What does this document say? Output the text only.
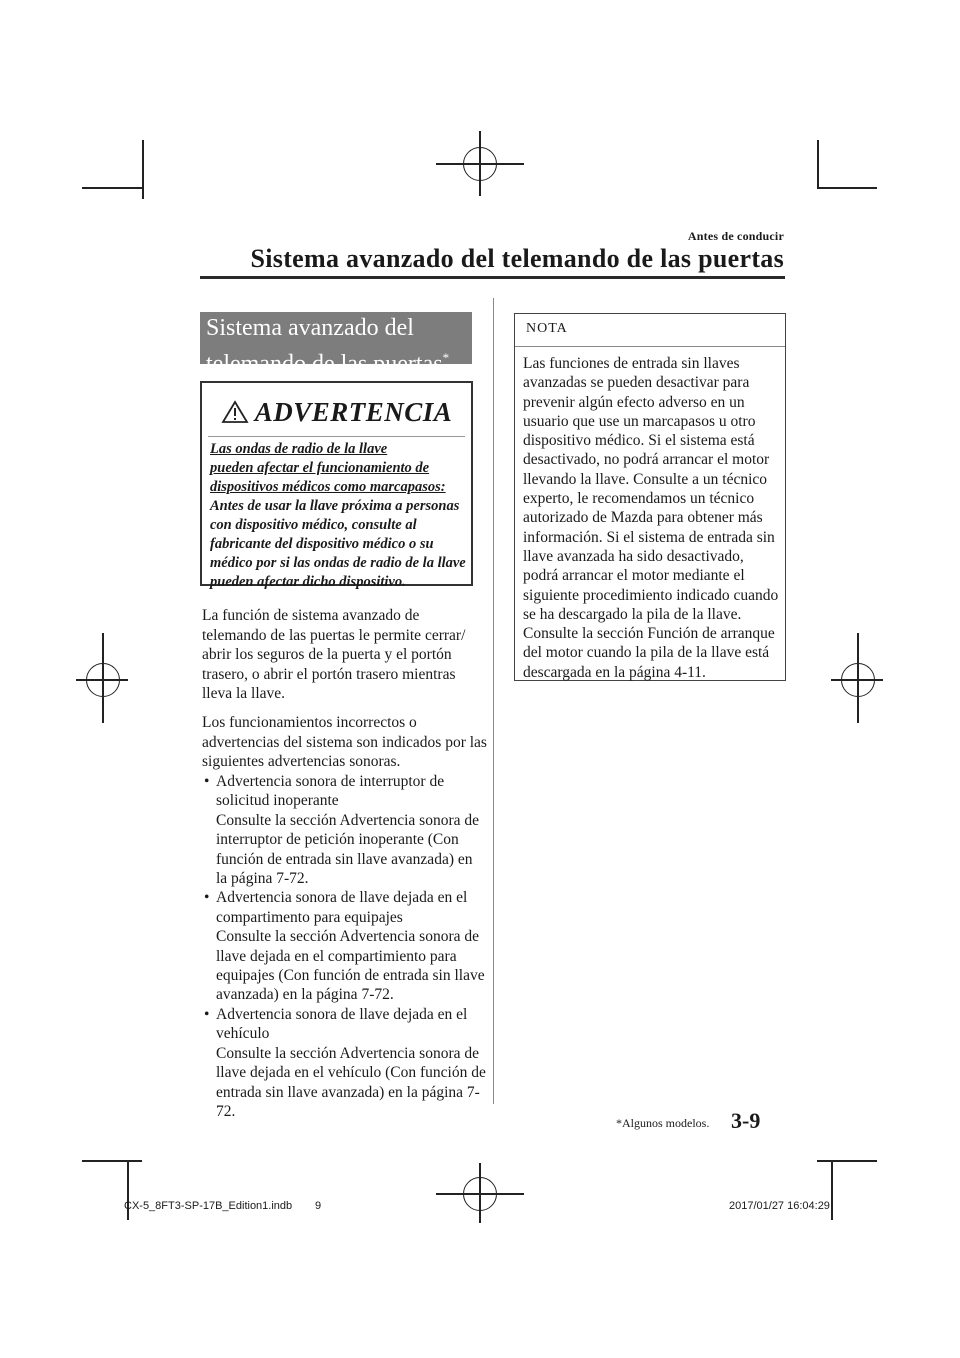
Antes de conducir
Sistema avanzado del telemando de las puertas
Sistema avanzado del
telemando de las puertas*
ADVERTENCIA
Las ondas de radio de la llave
pueden afectar el funcionamiento de
dispositivos médicos como marcapasos:
Antes de usar la llave próxima a personas con dispositivo médico, consulte al fabricante del dispositivo médico o su médico por si las ondas de radio de la llave pueden afectar dicho dispositivo.
La función de sistema avanzado de telemando de las puertas le permite cerrar/ abrir los seguros de la puerta y el portón trasero, o abrir el portón trasero mientras lleva la llave.
Los funcionamientos incorrectos o advertencias del sistema son indicados por las siguientes advertencias sonoras.
• Advertencia sonora de interruptor de solicitud inoperante
Consulte la sección Advertencia sonora de interruptor de petición inoperante (Con función de entrada sin llave avanzada) en la página 7-72.
• Advertencia sonora de llave dejada en el compartimento para equipajes
Consulte la sección Advertencia sonora de llave dejada en el compartimiento para equipajes (Con función de entrada sin llave avanzada) en la página 7-72.
• Advertencia sonora de llave dejada en el vehículo
Consulte la sección Advertencia sonora de llave dejada en el vehículo (Con función de entrada sin llave avanzada) en la página 7-72.
NOTA
Las funciones de entrada sin llaves avanzadas se pueden desactivar para prevenir algún efecto adverso en un usuario que use un marcapasos u otro dispositivo médico. Si el sistema está desactivado, no podrá arrancar el motor llevando la llave. Consulte a un técnico experto, le recomendamos un técnico autorizado de Mazda para obtener más información. Si el sistema de entrada sin llave avanzada ha sido desactivado, podrá arrancar el motor mediante el siguiente procedimiento indicado cuando se ha descargado la pila de la llave.
Consulte la sección Función de arranque del motor cuando la pila de la llave está descargada en la página 4-11.
*Algunos modelos. 3-9
CX-5_8FT3-SP-17B_Edition1.indb 9	2017/01/27 16:04:29
